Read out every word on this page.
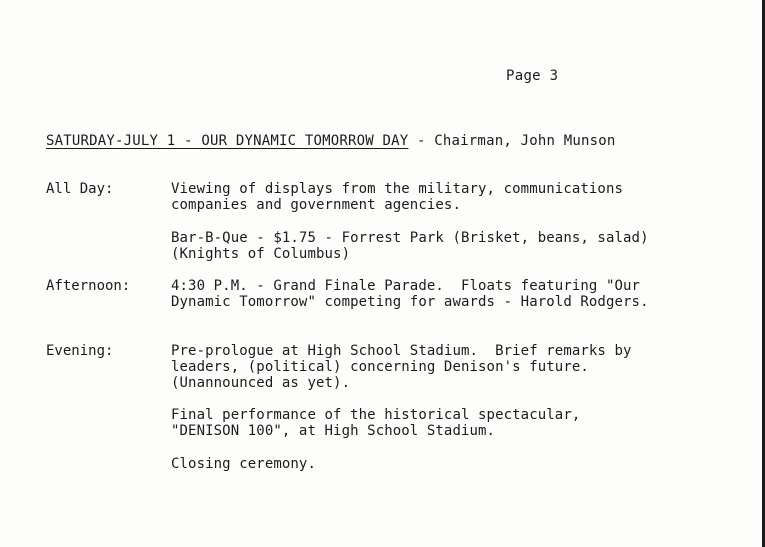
Page 3
SATURDAY-JULY 1 - OUR DYNAMIC TOMORROW DAY - Chairman, John Munson
All Day:	Viewing of displays from the military, communications
companies and government agencies.
Bar-B-Que - $1.75 - Forrest Park (Brisket, beans, salad)
(Knights of Columbus)
Afternoon:	4:30 P.M. - Grand Finale Parade.  Floats featuring "Our
Dynamic Tomorrow" competing for awards - Harold Rodgers.
Evening:	Pre-prologue at High School Stadium.  Brief remarks by
leaders, (political) concerning Denison's future.
(Unannounced as yet).
Final performance of the historical spectacular,
"DENISON 100", at High School Stadium.
Closing ceremony.
